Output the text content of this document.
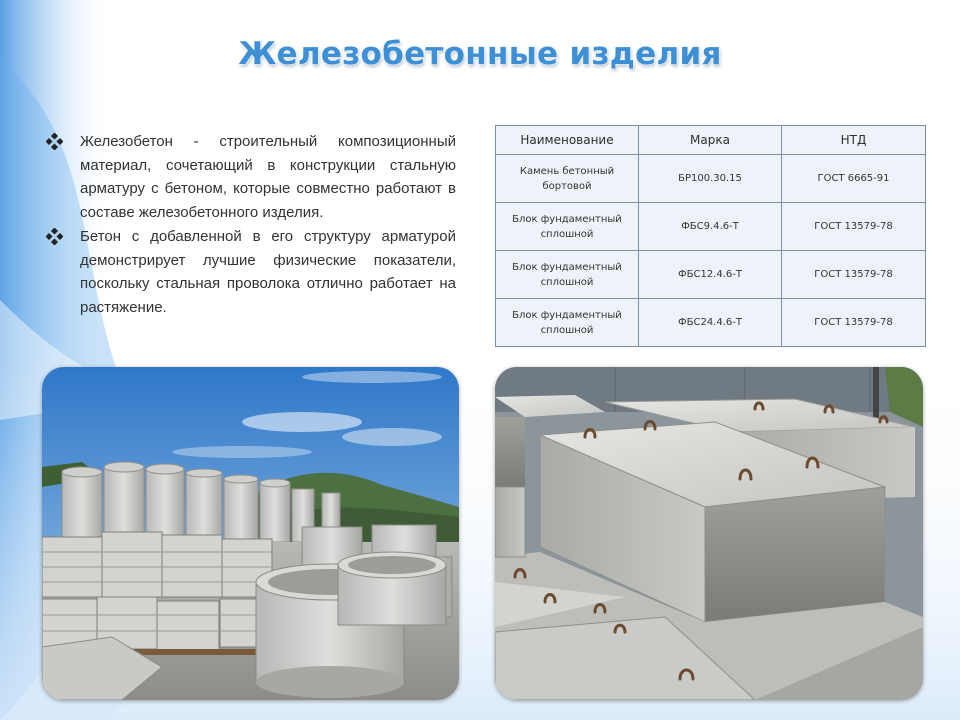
Железобетонные изделия
Железобетон - строительный композиционный материал, сочетающий в конструкции стальную арматуру с бетоном, которые совместно работают в составе железобетонного изделия.
Бетон с добавленной в его структуру арматурой демонстрирует лучшие физические показатели, поскольку стальная проволока отлично работает на растяжение.
Наименование	Марка	НТД
Камень бетонный бортовой	БР100.30.15	ГОСТ 6665-91
Блок фундаментный сплошной	ФБС9.4.6-Т	ГОСТ 13579-78
Блок фундаментный сплошной	ФБС12.4.6-Т	ГОСТ 13579-78
Блок фундаментный сплошной	ФБС24.4.6-Т	ГОСТ 13579-78
